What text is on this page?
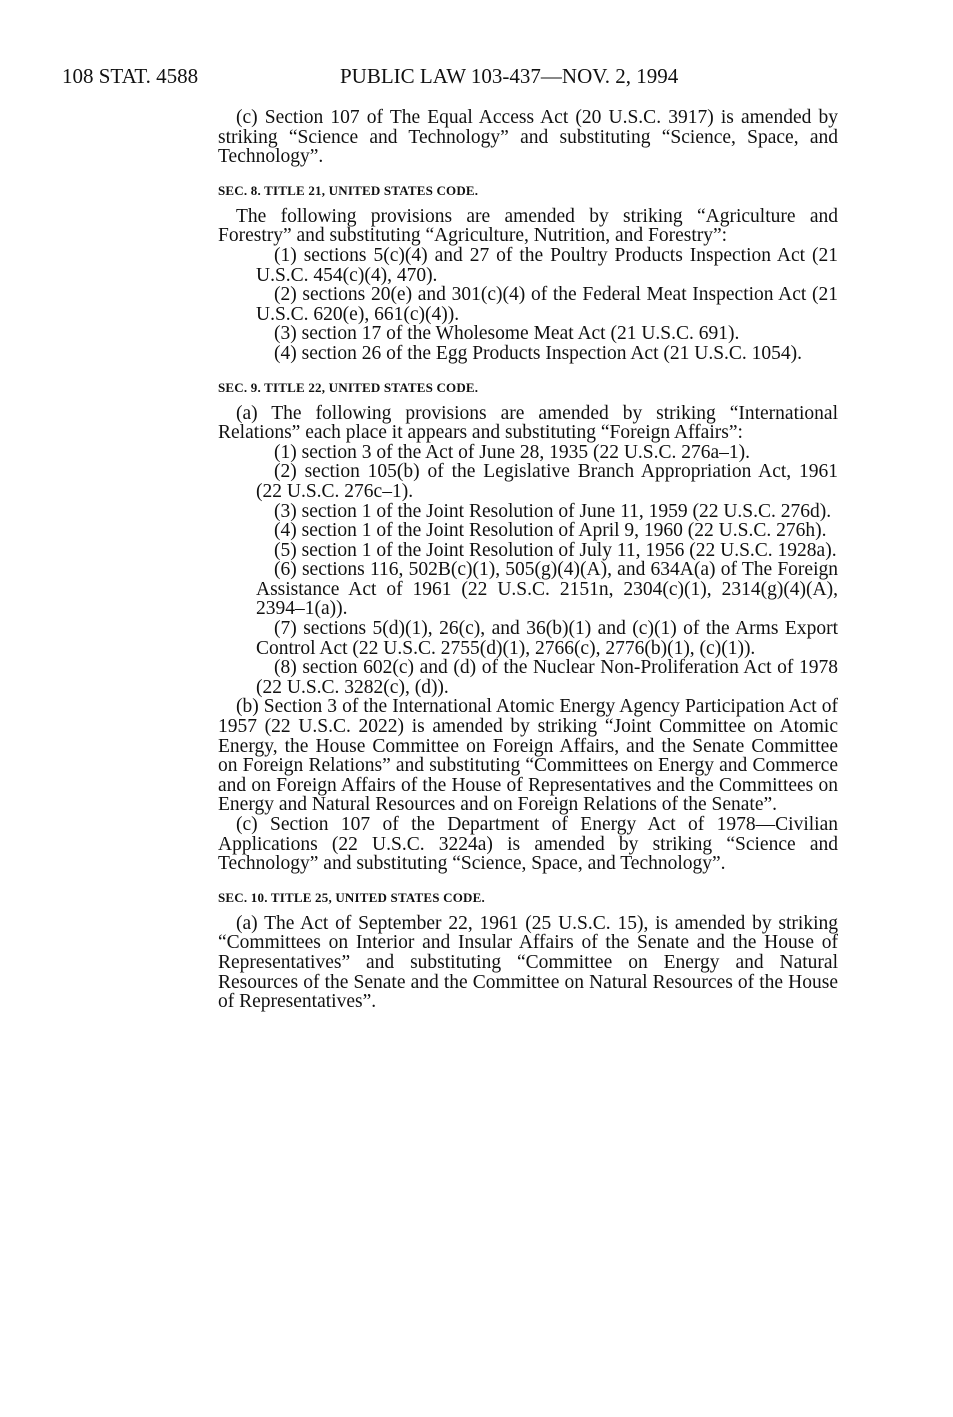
108 STAT. 4588	PUBLIC LAW 103-437—NOV. 2, 1994

(c) Section 107 of The Equal Access Act (20 U.S.C. 3917) is amended by striking “Science and Technology” and substituting “Science, Space, and Technology”.

SEC. 8. TITLE 21, UNITED STATES CODE.

The following provisions are amended by striking “Agriculture and Forestry” and substituting “Agriculture, Nutrition, and Forestry”:

(1) sections 5(c)(4) and 27 of the Poultry Products Inspection Act (21 U.S.C. 454(c)(4), 470).

(2) sections 20(e) and 301(c)(4) of the Federal Meat Inspection Act (21 U.S.C. 620(e), 661(c)(4)).

(3) section 17 of the Wholesome Meat Act (21 U.S.C. 691).

(4) section 26 of the Egg Products Inspection Act (21 U.S.C. 1054).

SEC. 9. TITLE 22, UNITED STATES CODE.

(a) The following provisions are amended by striking “International Relations” each place it appears and substituting “Foreign Affairs”:

(1) section 3 of the Act of June 28, 1935 (22 U.S.C. 276a–1).

(2) section 105(b) of the Legislative Branch Appropriation Act, 1961 (22 U.S.C. 276c–1).

(3) section 1 of the Joint Resolution of June 11, 1959 (22 U.S.C. 276d).

(4) section 1 of the Joint Resolution of April 9, 1960 (22 U.S.C. 276h).

(5) section 1 of the Joint Resolution of July 11, 1956 (22 U.S.C. 1928a).

(6) sections 116, 502B(c)(1), 505(g)(4)(A), and 634A(a) of The Foreign Assistance Act of 1961 (22 U.S.C. 2151n, 2304(c)(1), 2314(g)(4)(A), 2394–1(a)).

(7) sections 5(d)(1), 26(c), and 36(b)(1) and (c)(1) of the Arms Export Control Act (22 U.S.C. 2755(d)(1), 2766(c), 2776(b)(1), (c)(1)).

(8) section 602(c) and (d) of the Nuclear Non-Proliferation Act of 1978 (22 U.S.C. 3282(c), (d)).

(b) Section 3 of the International Atomic Energy Agency Participation Act of 1957 (22 U.S.C. 2022) is amended by striking “Joint Committee on Atomic Energy, the House Committee on Foreign Affairs, and the Senate Committee on Foreign Relations” and substituting “Committees on Energy and Commerce and on Foreign Affairs of the House of Representatives and the Committees on Energy and Natural Resources and on Foreign Relations of the Senate”.

(c) Section 107 of the Department of Energy Act of 1978—Civilian Applications (22 U.S.C. 3224a) is amended by striking “Science and Technology” and substituting “Science, Space, and Technology”.

SEC. 10. TITLE 25, UNITED STATES CODE.

(a) The Act of September 22, 1961 (25 U.S.C. 15), is amended by striking “Committees on Interior and Insular Affairs of the Senate and the House of Representatives” and substituting “Committee on Energy and Natural Resources of the Senate and the Committee on Natural Resources of the House of Representatives”.
